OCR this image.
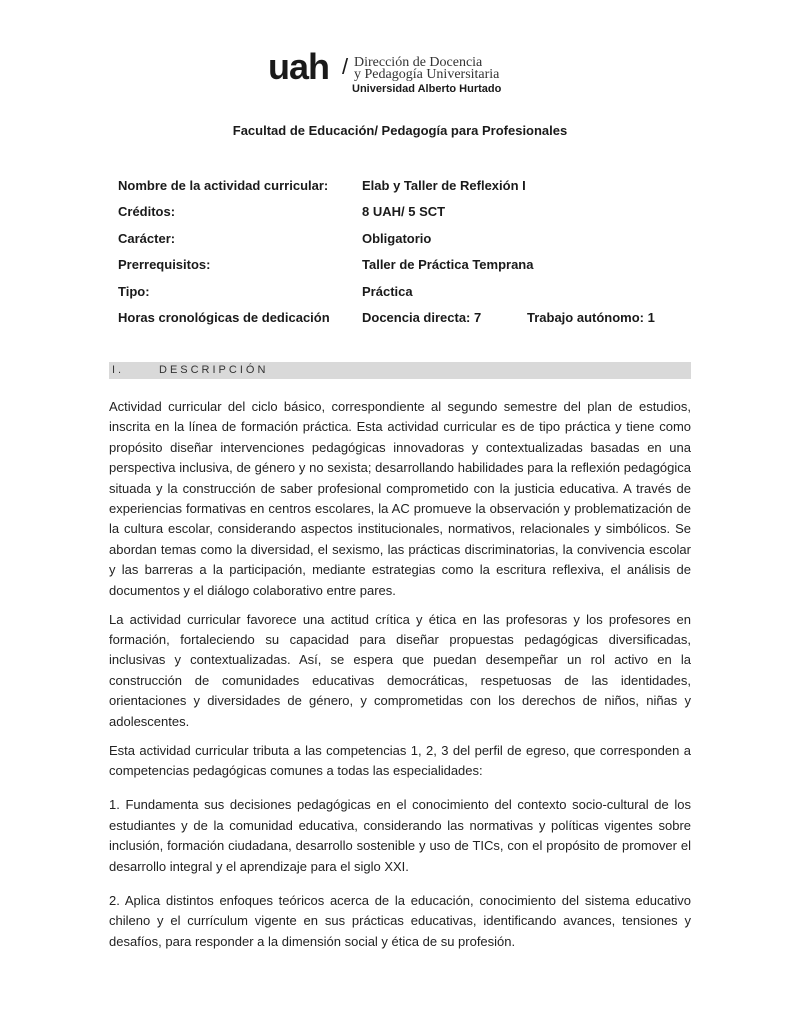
uah / Dirección de Docencia
y Pedagogía Universitaria
Universidad Alberto Hurtado
Facultad de Educación/ Pedagogía para Profesionales
Nombre de la actividad curricular:	Elab y Taller de Reflexión I
Créditos:	8 UAH/ 5 SCT
Carácter:	Obligatorio
Prerrequisitos:	Taller de Práctica Temprana
Tipo:	Práctica
Horas cronológicas de dedicación Docencia directa: 7	Trabajo autónomo: 1
I.	DESCRIPCIÓN

Actividad curricular del ciclo básico, correspondiente al segundo semestre del plan de estudios, inscrita en la línea de formación práctica. Esta actividad curricular es de tipo práctica y tiene como propósito diseñar intervenciones pedagógicas innovadoras y contextualizadas basadas en una perspectiva inclusiva, de género y no sexista; desarrollando habilidades para la reflexión pedagógica situada y la construcción de saber profesional comprometido con la justicia educativa. A través de experiencias formativas en centros escolares, la AC promueve la observación y problematización de la cultura escolar, considerando aspectos institucionales, normativos, relacionales y simbólicos. Se abordan temas como la diversidad, el sexismo, las prácticas discriminatorias, la convivencia escolar y las barreras a la participación, mediante estrategias como la escritura reflexiva, el análisis de documentos y el diálogo colaborativo entre pares.

La actividad curricular favorece una actitud crítica y ética en las profesoras y los profesores en formación, fortaleciendo su capacidad para diseñar propuestas pedagógicas diversificadas, inclusivas y contextualizadas. Así, se espera que puedan desempeñar un rol activo en la construcción de comunidades educativas democráticas, respetuosas de las identidades, orientaciones y diversidades de género, y comprometidas con los derechos de niños, niñas y adolescentes.

Esta actividad curricular tributa a las competencias 1, 2, 3 del perfil de egreso, que corresponden a competencias pedagógicas comunes a todas las especialidades:

1. Fundamenta sus decisiones pedagógicas en el conocimiento del contexto socio-cultural de los estudiantes y de la comunidad educativa, considerando las normativas y políticas vigentes sobre inclusión, formación ciudadana, desarrollo sostenible y uso de TICs, con el propósito de promover el desarrollo integral y el aprendizaje para el siglo XXI.

2. Aplica distintos enfoques teóricos acerca de la educación, conocimiento del sistema educativo chileno y el currículum vigente en sus prácticas educativas, identificando avances, tensiones y desafíos, para responder a la dimensión social y ética de su profesión.
